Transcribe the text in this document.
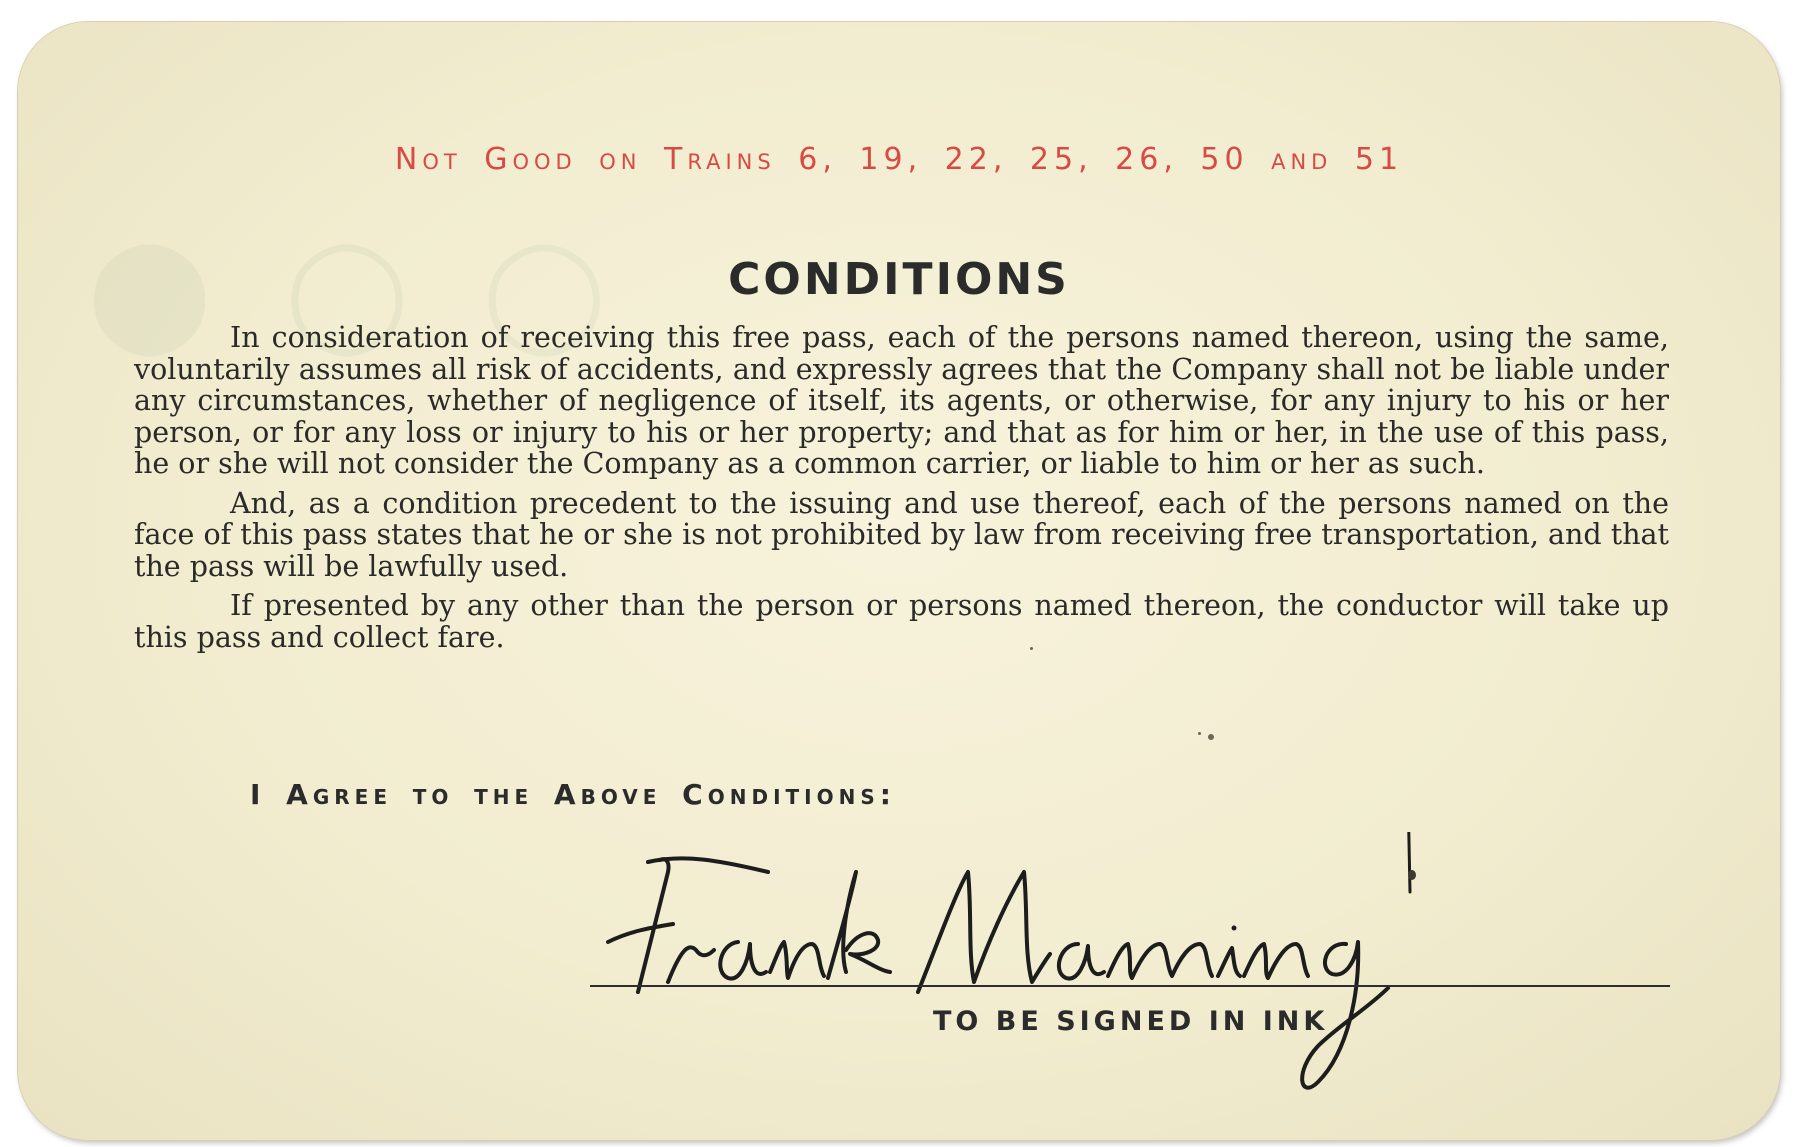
⬤ ◯ ◯
Not Good on Trains 6, 19, 22, 25, 26, 50 and 51
CONDITIONS

In consideration of receiving this free pass, each of the persons named thereon, using the same, voluntarily assumes all risk of accidents, and expressly agrees that the Company shall not be liable under any circumstances, whether of negligence of itself, its agents, or otherwise, for any injury to his or her person, or for any loss or injury to his or her property; and that as for him or her, in the use of this pass, he or she will not consider the Company as a common carrier, or liable to him or her as such.

And, as a condition precedent to the issuing and use thereof, each of the persons named on the face of this pass states that he or she is not prohibited by law from receiving free transportation, and that the pass will be lawfully used.

If presented by any other than the person or persons named thereon, the conductor will take up this pass and collect fare.

I Agree to the Above Conditions:
TO BE SIGNED IN INK
